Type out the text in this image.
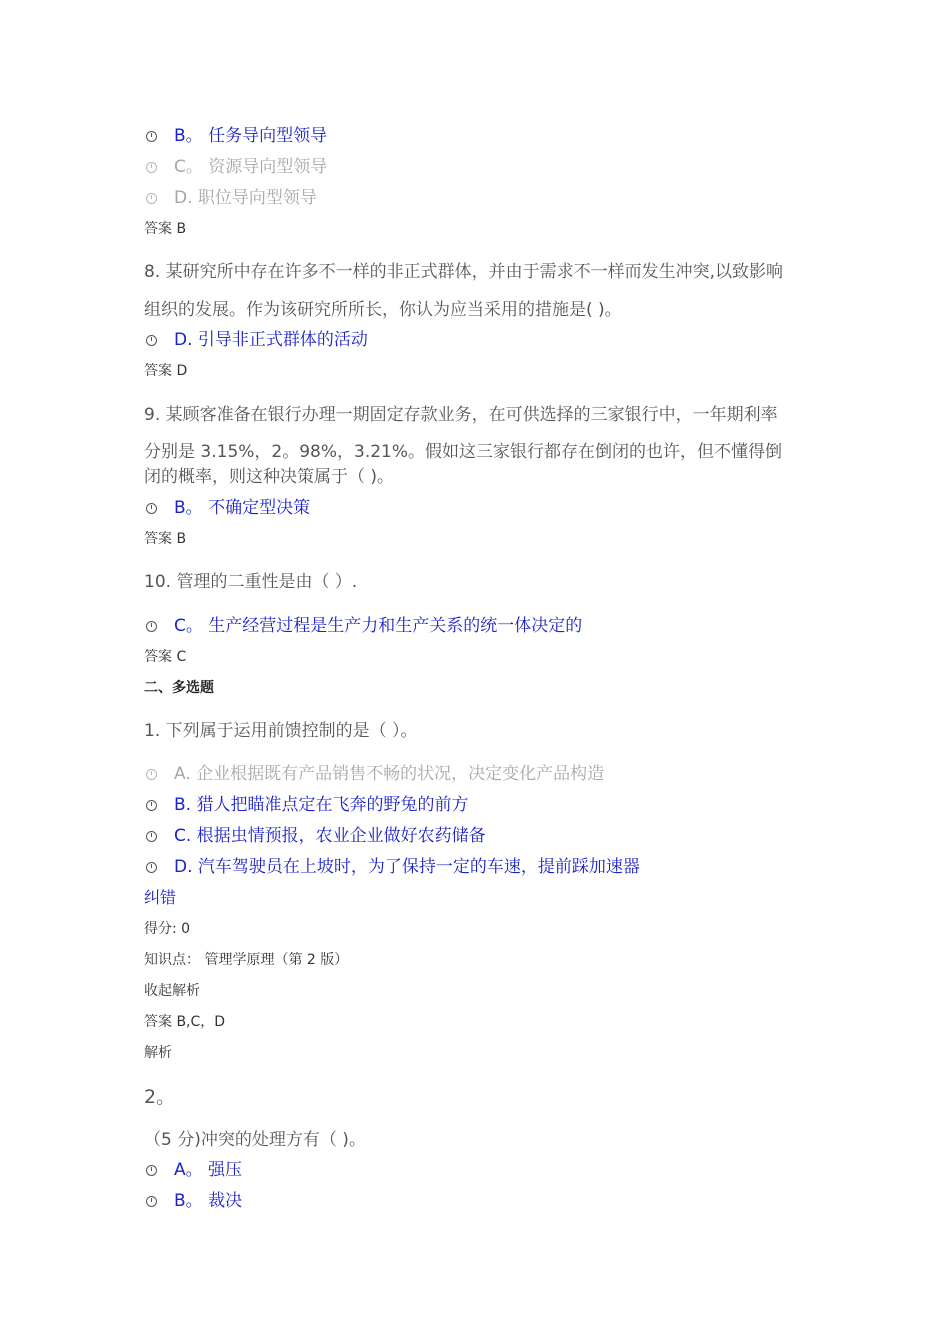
B。 任务导向型领导
C。 资源导向型领导
D. 职位导向型领导
答案 B
8. 某研究所中存在许多不一样的非正式群体，并由于需求不一样而发生冲突,以致影响
组织的发展。作为该研究所所长，你认为应当采用的措施是( )。
D. 引导非正式群体的活动
答案 D
9. 某顾客准备在银行办理一期固定存款业务，在可供选择的三家银行中，一年期利率
分别是 3.15%，2。98%，3.21%。假如这三家银行都存在倒闭的也许，但不懂得倒
闭的概率，则这种决策属于（ )。
B。 不确定型决策
答案 B
10. 管理的二重性是由（ ）.
C。 生产经营过程是生产力和生产关系的统一体决定的
答案 C
二、多选题
1. 下列属于运用前馈控制的是（ ）。
A. 企业根据既有产品销售不畅的状况，决定变化产品构造
B. 猎人把瞄准点定在飞奔的野兔的前方
C. 根据虫情预报，农业企业做好农药储备
D. 汽车驾驶员在上坡时，为了保持一定的车速，提前踩加速器
纠错
得分: 0
知识点： 管理学原理（第 2 版）
收起解析
答案 B,C，D
解析
2。
（5 分)冲突的处理方有（ )。
A。 强压
B。 裁决
